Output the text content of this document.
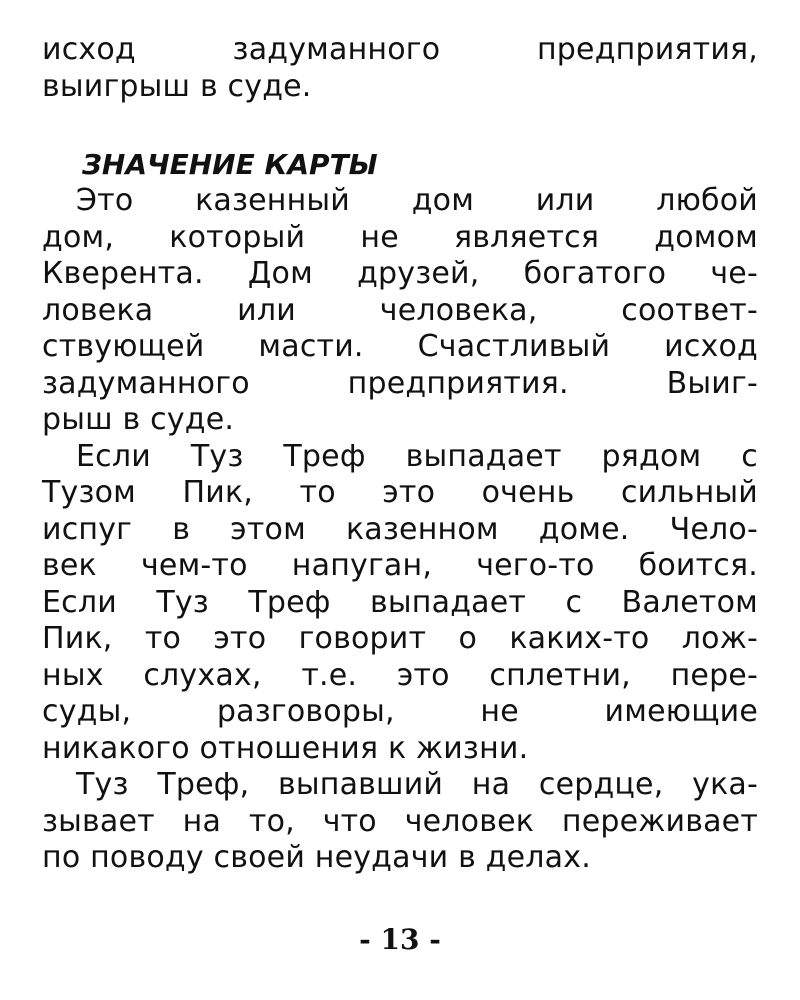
исход задуманного предприятия,
выигрыш в суде.
ЗНАЧЕНИЕ КАРТЫ
Это казенный дом или любой
дом, который не является домом
Кверента. Дом друзей, богатого че-
ловека или человека, соответ-
ствующей масти. Счастливый исход
задуманного предприятия. Выиг-
рыш в суде.
Если Туз Треф выпадает рядом с
Тузом Пик, то это очень сильный
испуг в этом казенном доме. Чело-
век чем-то напуган, чего-то боится.
Если Туз Треф выпадает с Валетом
Пик, то это говорит о каких-то лож-
ных слухах, т.е. это сплетни, пере-
суды, разговоры, не имеющие
никакого отношения к жизни.
Туз Треф, выпавший на сердце, ука-
зывает на то, что человек переживает
по поводу своей неудачи в делах.
- 13 -
